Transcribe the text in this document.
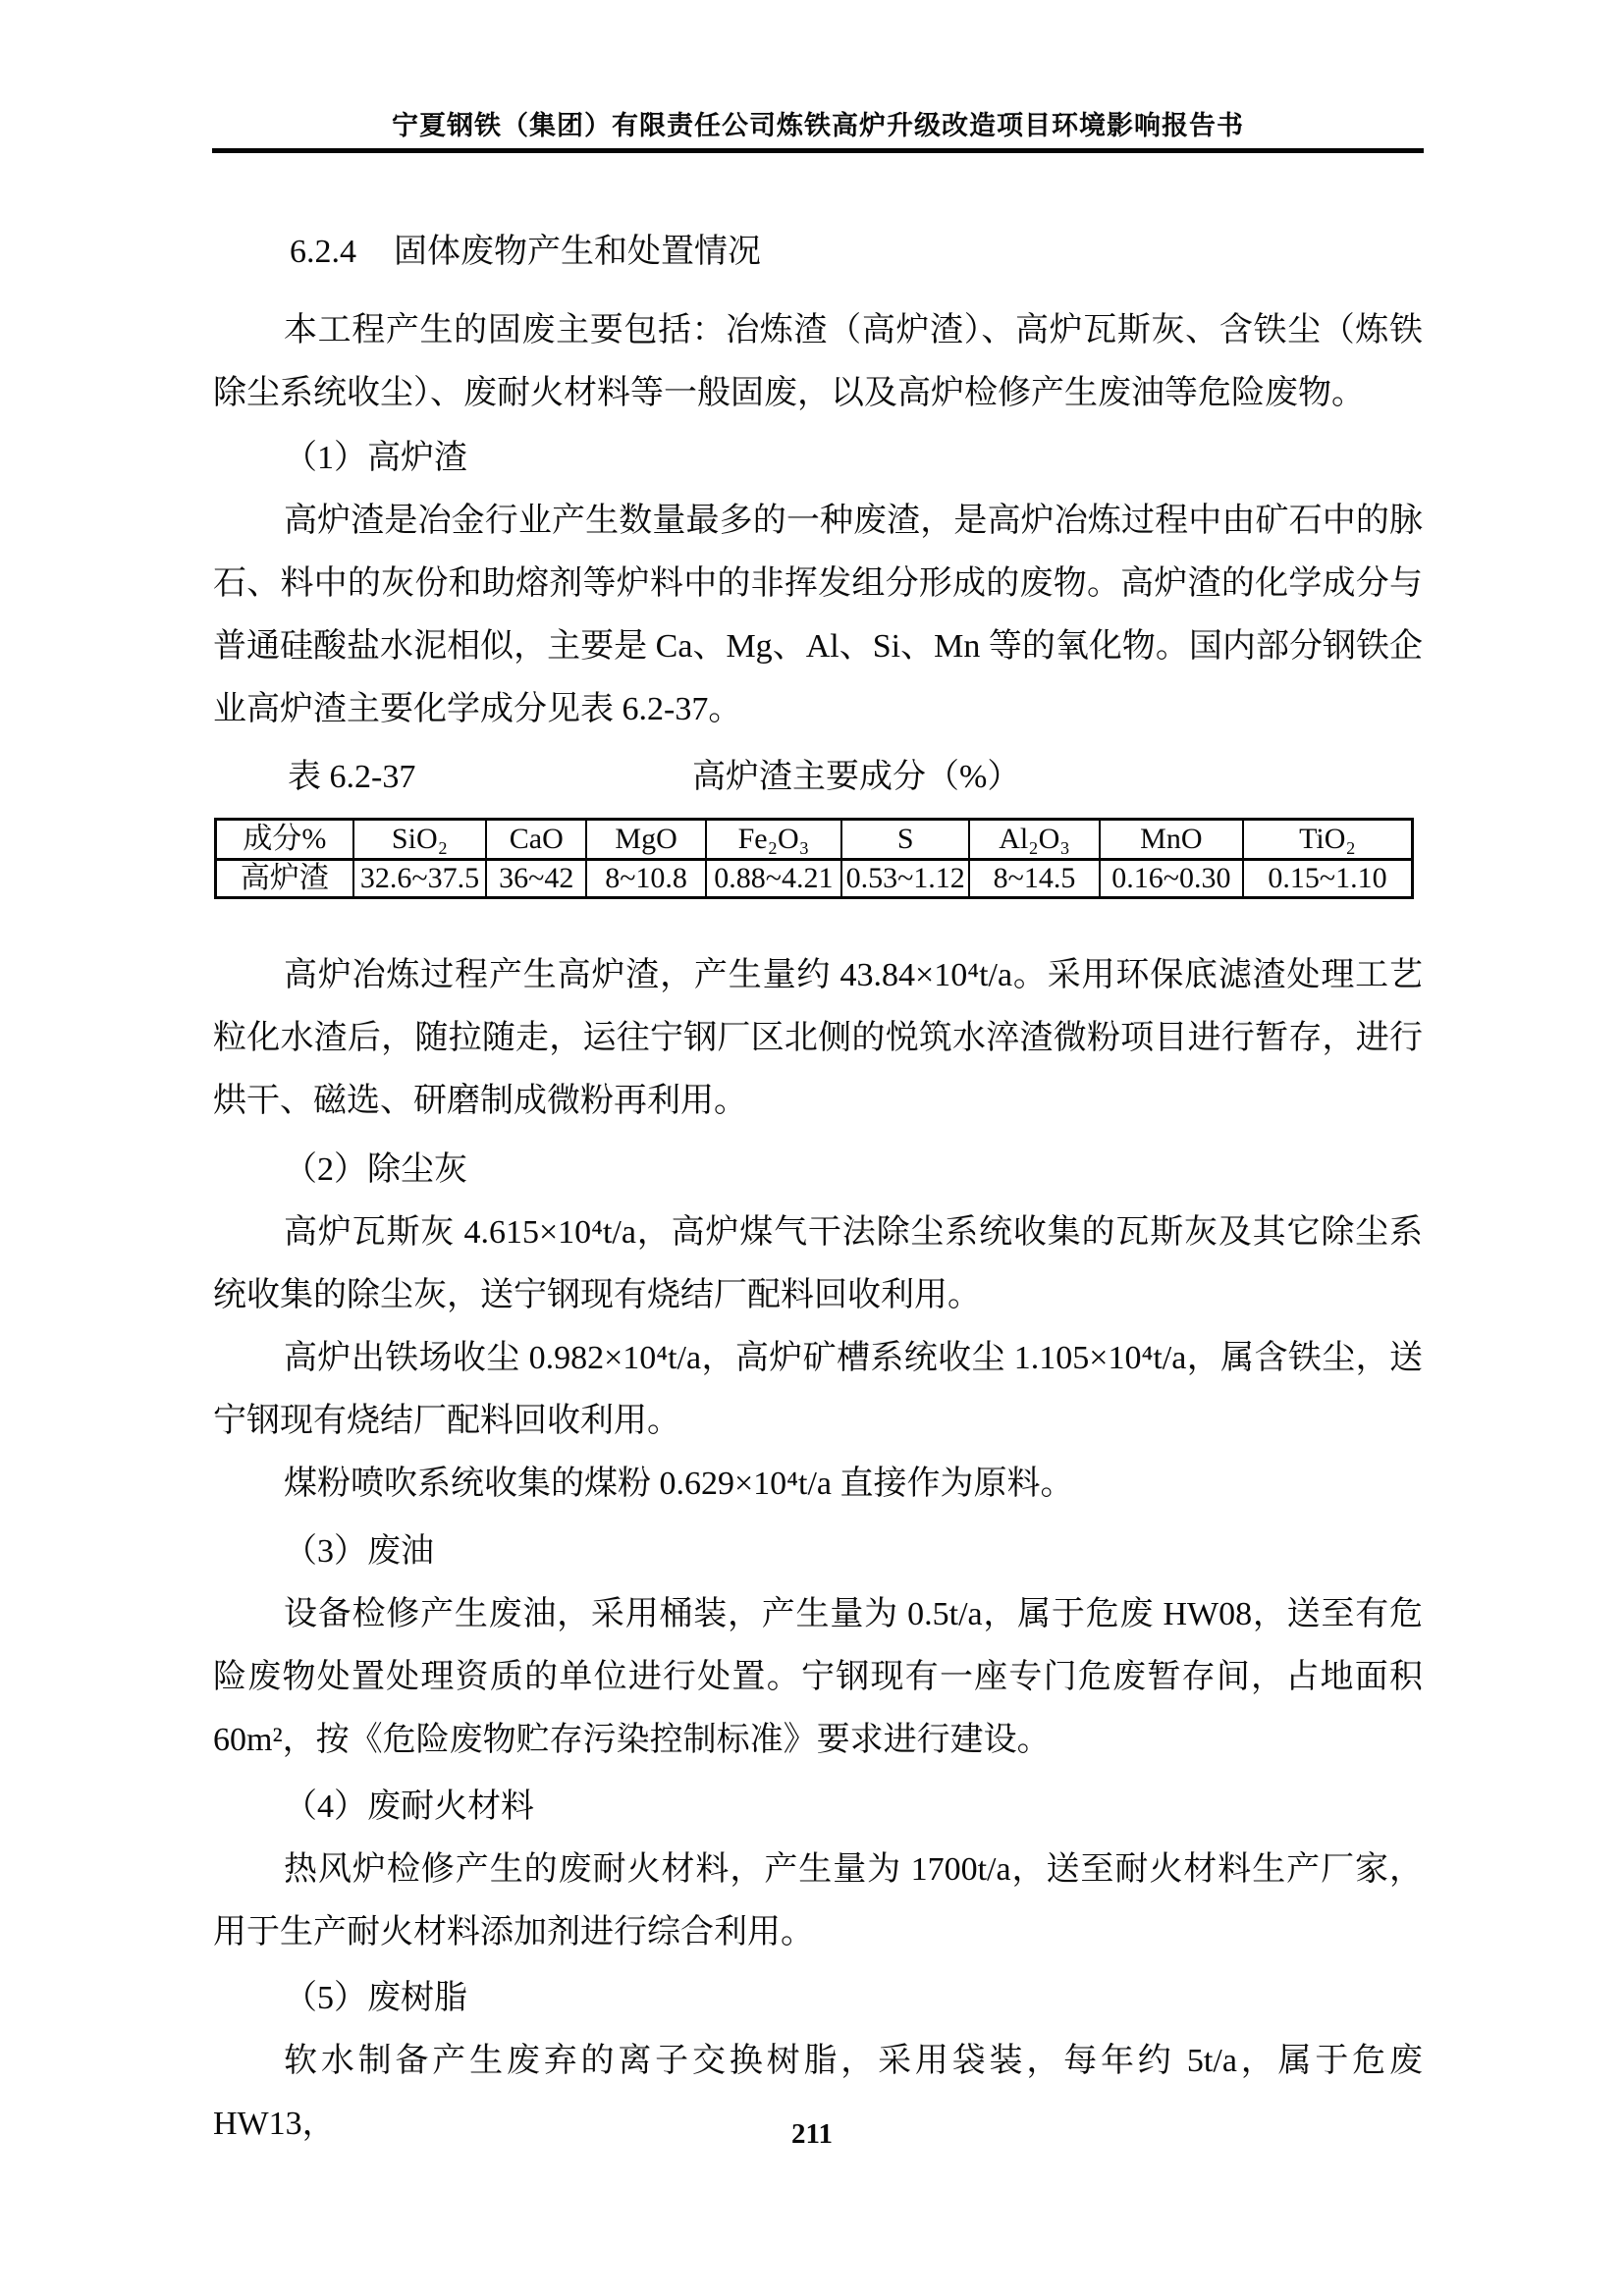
宁夏钢铁（集团）有限责任公司炼铁高炉升级改造项目环境影响报告书
6.2.4 固体废物产生和处置情况

本工程产生的固废主要包括：冶炼渣（高炉渣）、高炉瓦斯灰、含铁尘（炼铁除尘系统收尘）、废耐火材料等一般固废，以及高炉检修产生废油等危险废物。

（1）高炉渣

高炉渣是冶金行业产生数量最多的一种废渣，是高炉冶炼过程中由矿石中的脉石、料中的灰份和助熔剂等炉料中的非挥发组分形成的废物。高炉渣的化学成分与普通硅酸盐水泥相似，主要是 Ca、Mg、Al、Si、Mn 等的氧化物。国内部分钢铁企业高炉渣主要化学成分见表 6.2-37。

表 6.2-37	高炉渣主要成分（%）
成分%	SiO₂	CaO	MgO	Fe₂O₃	S	Al₂O₃	MnO	TiO₂
高炉渣	32.6~37.5	36~42	8~10.8	0.88~4.21	0.53~1.12	8~14.5	0.16~0.30	0.15~1.10

高炉冶炼过程产生高炉渣，产生量约 43.84×10⁴t/a。采用环保底滤渣处理工艺粒化水渣后，随拉随走，运往宁钢厂区北侧的悦筑水淬渣微粉项目进行暂存，进行烘干、磁选、研磨制成微粉再利用。

（2）除尘灰

高炉瓦斯灰 4.615×10⁴t/a，高炉煤气干法除尘系统收集的瓦斯灰及其它除尘系统收集的除尘灰，送宁钢现有烧结厂配料回收利用。

高炉出铁场收尘 0.982×10⁴t/a，高炉矿槽系统收尘 1.105×10⁴t/a，属含铁尘，送宁钢现有烧结厂配料回收利用。

煤粉喷吹系统收集的煤粉 0.629×10⁴t/a 直接作为原料。

（3）废油

设备检修产生废油，采用桶装，产生量为 0.5t/a，属于危废 HW08，送至有危险废物处置处理资质的单位进行处置。宁钢现有一座专门危废暂存间，占地面积 60m²，按《危险废物贮存污染控制标准》要求进行建设。

（4）废耐火材料

热风炉检修产生的废耐火材料，产生量为 1700t/a，送至耐火材料生产厂家，用于生产耐火材料添加剂进行综合利用。

（5）废树脂

软水制备产生废弃的离子交换树脂，采用袋装，每年约 5t/a，属于危废 HW13，	211
